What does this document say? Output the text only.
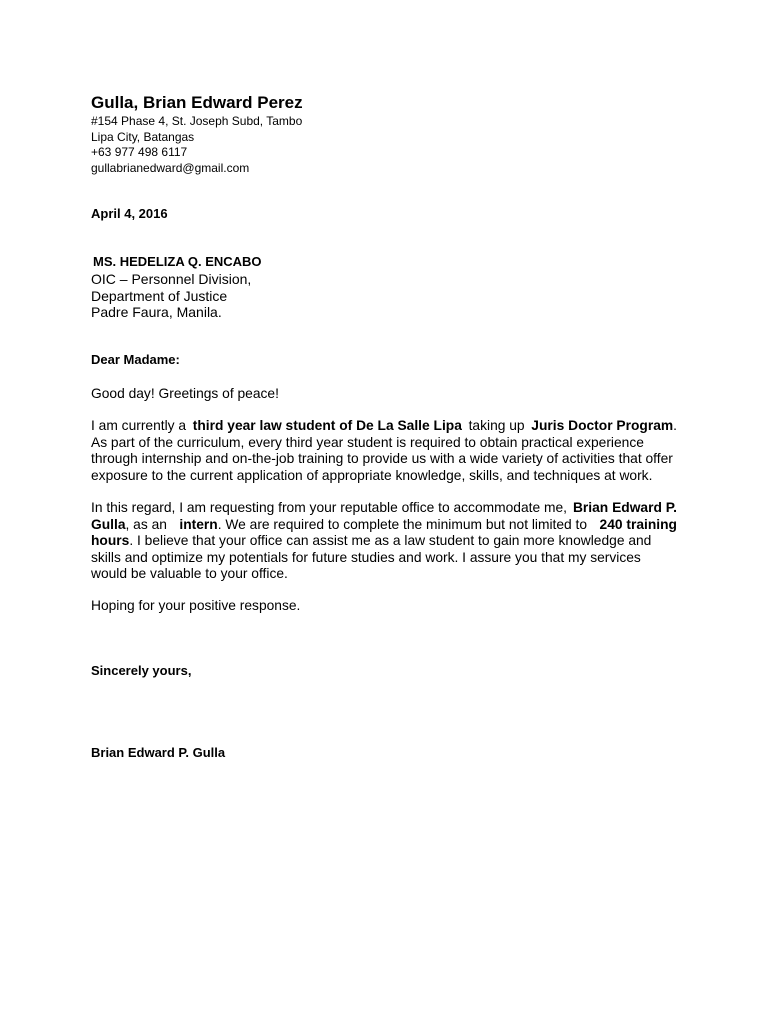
Gulla, Brian Edward Perez
#154 Phase 4, St. Joseph Subd, Tambo
Lipa City, Batangas
+63 977 498 6117
gullabrianedward@gmail.com
April 4, 2016
MS. HEDELIZA Q. ENCABO
OIC – Personnel Division,
Department of Justice
Padre Faura, Manila.
Dear Madame:
Good day! Greetings of peace!
I am currently a third year law student of De La Salle Lipa taking up Juris Doctor Program.
As part of the curriculum, every third year student is required to obtain practical experience
through internship and on-the-job training to provide us with a wide variety of activities that offer
exposure to the current application of appropriate knowledge, skills, and techniques at work.
In this regard, I am requesting from your reputable office to accommodate me, Brian Edward P.
Gulla, as an intern. We are required to complete the minimum but not limited to 240 training
hours. I believe that your office can assist me as a law student to gain more knowledge and
skills and optimize my potentials for future studies and work. I assure you that my services
would be valuable to your office.
Hoping for your positive response.
Sincerely yours,
Brian Edward P. Gulla
